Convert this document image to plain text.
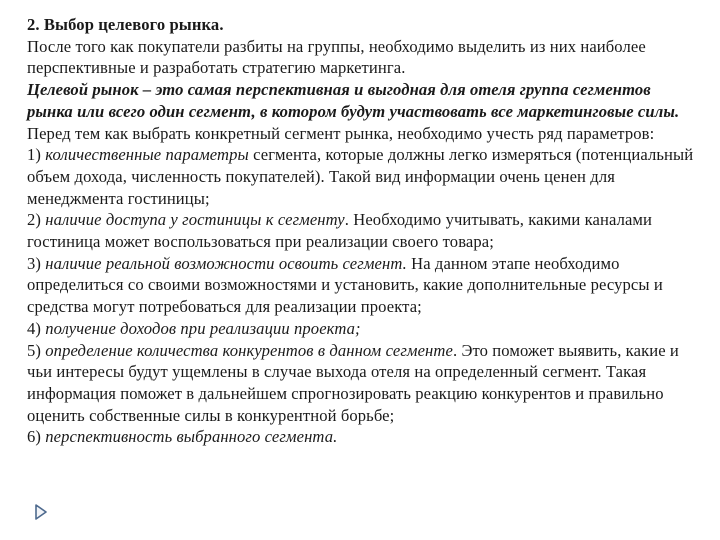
2. Выбор целевого рынка.

После того как покупатели разбиты на группы, необходимо выделить из них наиболее перспективные и разработать стратегию маркетинга.

Целевой рынок – это самая перспективная и выгодная для отеля группа сегментов рынка или всего один сегмент, в котором будут участвовать все маркетинговые силы. Перед тем как выбрать конкретный сегмент рынка, необходимо учесть ряд параметров:

1) количественные параметры сегмента, которые должны легко измеряться (потенциальный объем дохода, численность покупателей). Такой вид информации очень ценен для менеджмента гостиницы;

2) наличие доступа у гостиницы к сегменту. Необходимо учитывать, какими каналами гостиница может воспользоваться при реализации своего товара;

3) наличие реальной возможности освоить сегмент. На данном этапе необходимо определиться со своими возможностями и установить, какие дополнительные ресурсы и средства могут потребоваться для реализации проекта;

4) получение доходов при реализации проекта;

5) определение количества конкурентов в данном сегменте. Это поможет выявить, какие и чьи интересы будут ущемлены в случае выхода отеля на определенный сегмент. Такая информация поможет в дальнейшем спрогнозировать реакцию конкурентов и правильно оценить собственные силы в конкурентной борьбе;

6) перспективность выбранного сегмента.
